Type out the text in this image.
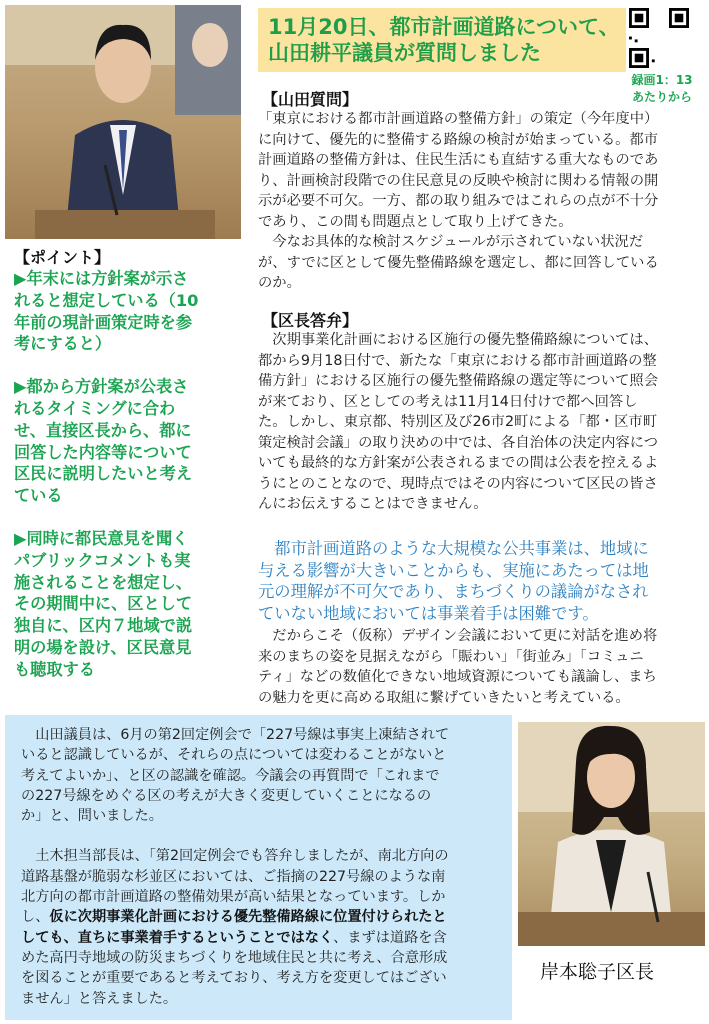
11月20日、都市計画道路について、
山田耕平議員が質問しました
録画1：13
あたりから
【山田質問】
「東京における都市計画道路の整備方針」の策定（今年度中）
に向けて、優先的に整備する路線の検討が始まっている。都市
計画道路の整備方針は、住民生活にも直結する重大なものであ
り、計画検討段階での住民意見の反映や検討に関わる情報の開
示が必要不可欠。一方、都の取り組みではこれらの点が不十分
であり、この間も問題点として取り上げてきた。
　今なお具体的な検討スケジュールが示されていない状況だ
が、すでに区として優先整備路線を選定し、都に回答している
のか。
【区長答弁】
　次期事業化計画における区施行の優先整備路線については、
都から9月18日付で、新たな「東京における都市計画道路の整
備方針」における区施行の優先整備路線の選定等について照会
が来ており、区としての考えは11月14日付けで都へ回答し
た。しかし、東京都、特別区及び26市2町による「都・区市町
策定検討会議」の取り決めの中では、各自治体の決定内容につ
いても最終的な方針案が公表されるまでの間は公表を控えるよ
うにとのことなので、現時点ではその内容について区民の皆さ
んにお伝えすることはできません。
　都市計画道路のような大規模な公共事業は、地域に
与える影響が大きいことからも、実施にあたっては地
元の理解が不可欠であり、まちづくりの議論がなされ
ていない地域においては事業着手は困難です。
　だからこそ（仮称）デザイン会議において更に対話を進め将
来のまちの姿を見据えながら「賑わい」「街並み」「コミュニ
ティ」などの数値化できない地域資源についても議論し、まち
の魅力を更に高める取組に繋げていきたいと考えている。
【ポイント】
▶年末には方針案が示さ
れると想定している（10
年前の現計画策定時を参
考にすると）
▶都から方針案が公表さ
れるタイミングに合わ
せ、直接区長から、都に
回答した内容等について
区民に説明したいと考え
ている
▶同時に都民意見を聞く
パブリックコメントも実
施されることを想定し、
その期間中に、区として
独自に、区内７地域で説
明の場を設け、区民意見
も聴取する
　山田議員は、6月の第2回定例会で「227号線は事実上凍結されて
いると認識しているが、それらの点については変わることがないと
考えてよいか」、と区の認識を確認。今議会の再質問で「これまで
の227号線をめぐる区の考えが大きく変更していくことになるの
か」と、問いました。
　土木担当部長は、「第2回定例会でも答弁しましたが、南北方向の
道路基盤が脆弱な杉並区においては、ご指摘の227号線のような南
北方向の都市計画道路の整備効果が高い結果となっています。しか
し、仮に次期事業化計画における優先整備路線に位置付けられたと
しても、直ちに事業着手するということではなく、まずは道路を含
めた高円寺地域の防災まちづくりを地域住民と共に考え、合意形成
を図ることが重要であると考えており、考え方を変更してはござい
ません」と答えました。
岸本聡子区長
